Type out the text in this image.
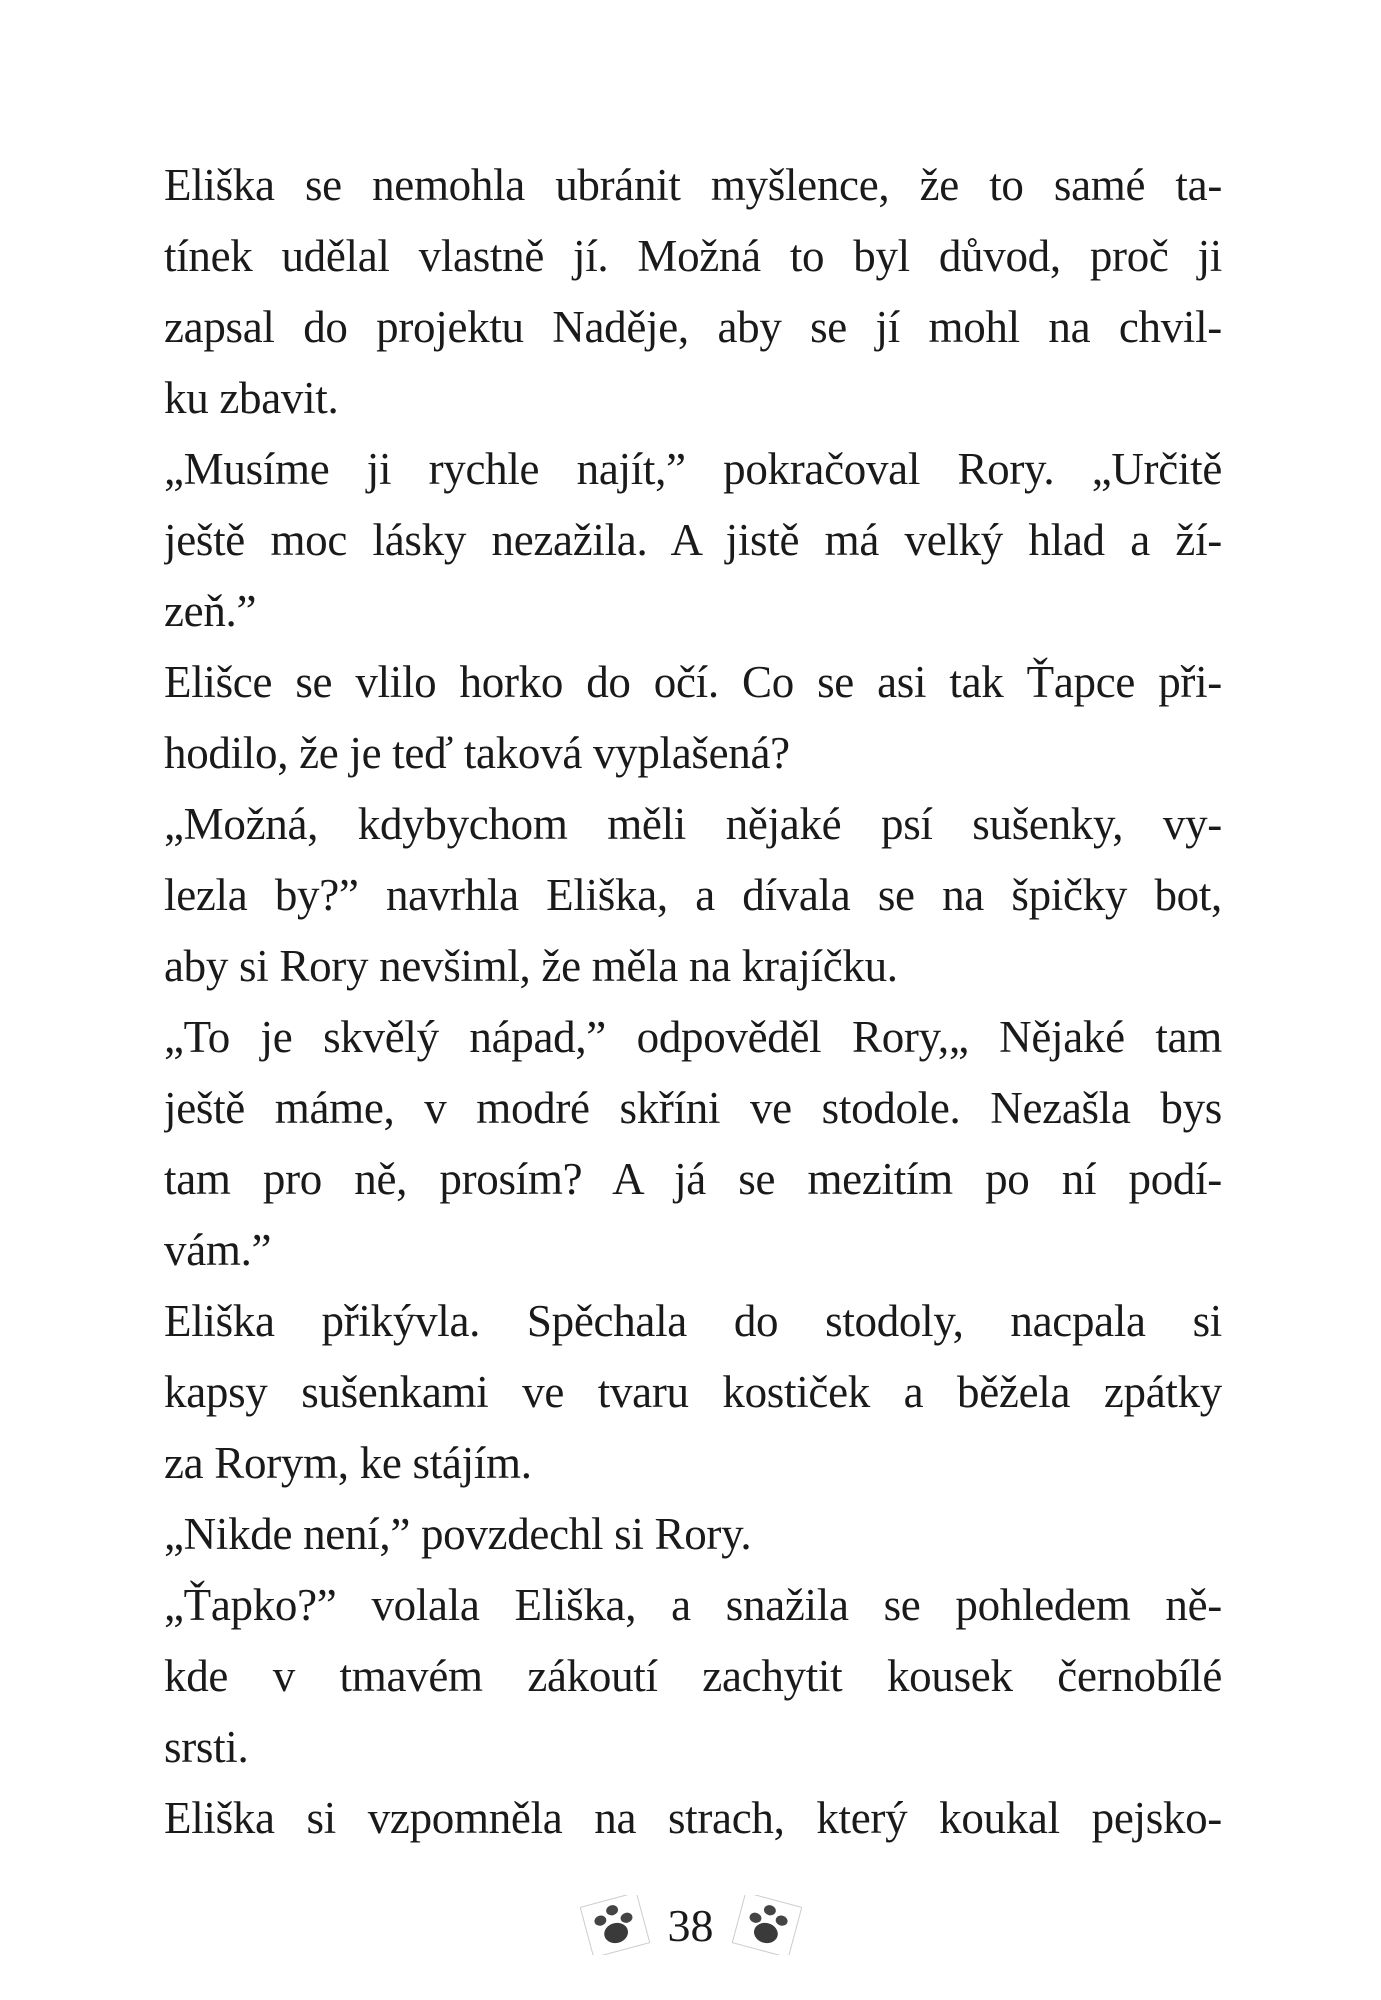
Eliška se nemohla ubránit myšlence, že to samé ta-
tínek udělal vlastně jí. Možná to byl důvod, proč ji
zapsal do projektu Naděje, aby se jí mohl na chvil-
ku zbavit.
„Musíme ji rychle najít,” pokračoval Rory. „Určitě
ještě moc lásky nezažila. A jistě má velký hlad a ží-
zeň.”
Elišce se vlilo horko do očí. Co se asi tak Ťapce při-
hodilo, že je teď taková vyplašená?
„Možná, kdybychom měli nějaké psí sušenky, vy-
lezla by?” navrhla Eliška, a dívala se na špičky bot,
aby si Rory nevšiml, že měla na krajíčku.
„To je skvělý nápad,” odpověděl Rory,„ Nějaké tam
ještě máme, v modré skříni ve stodole. Nezašla bys
tam pro ně, prosím? A já se mezitím po ní podí-
vám.”
Eliška přikývla. Spěchala do stodoly, nacpala si
kapsy sušenkami ve tvaru kostiček a běžela zpátky
za Rorym, ke stájím.
„Nikde není,” povzdechl si Rory.
„Ťapko?” volala Eliška, a snažila se pohledem ně-
kde v tmavém zákoutí zachytit kousek černobílé
srsti.
Eliška si vzpomněla na strach, který koukal pejsko-
38
